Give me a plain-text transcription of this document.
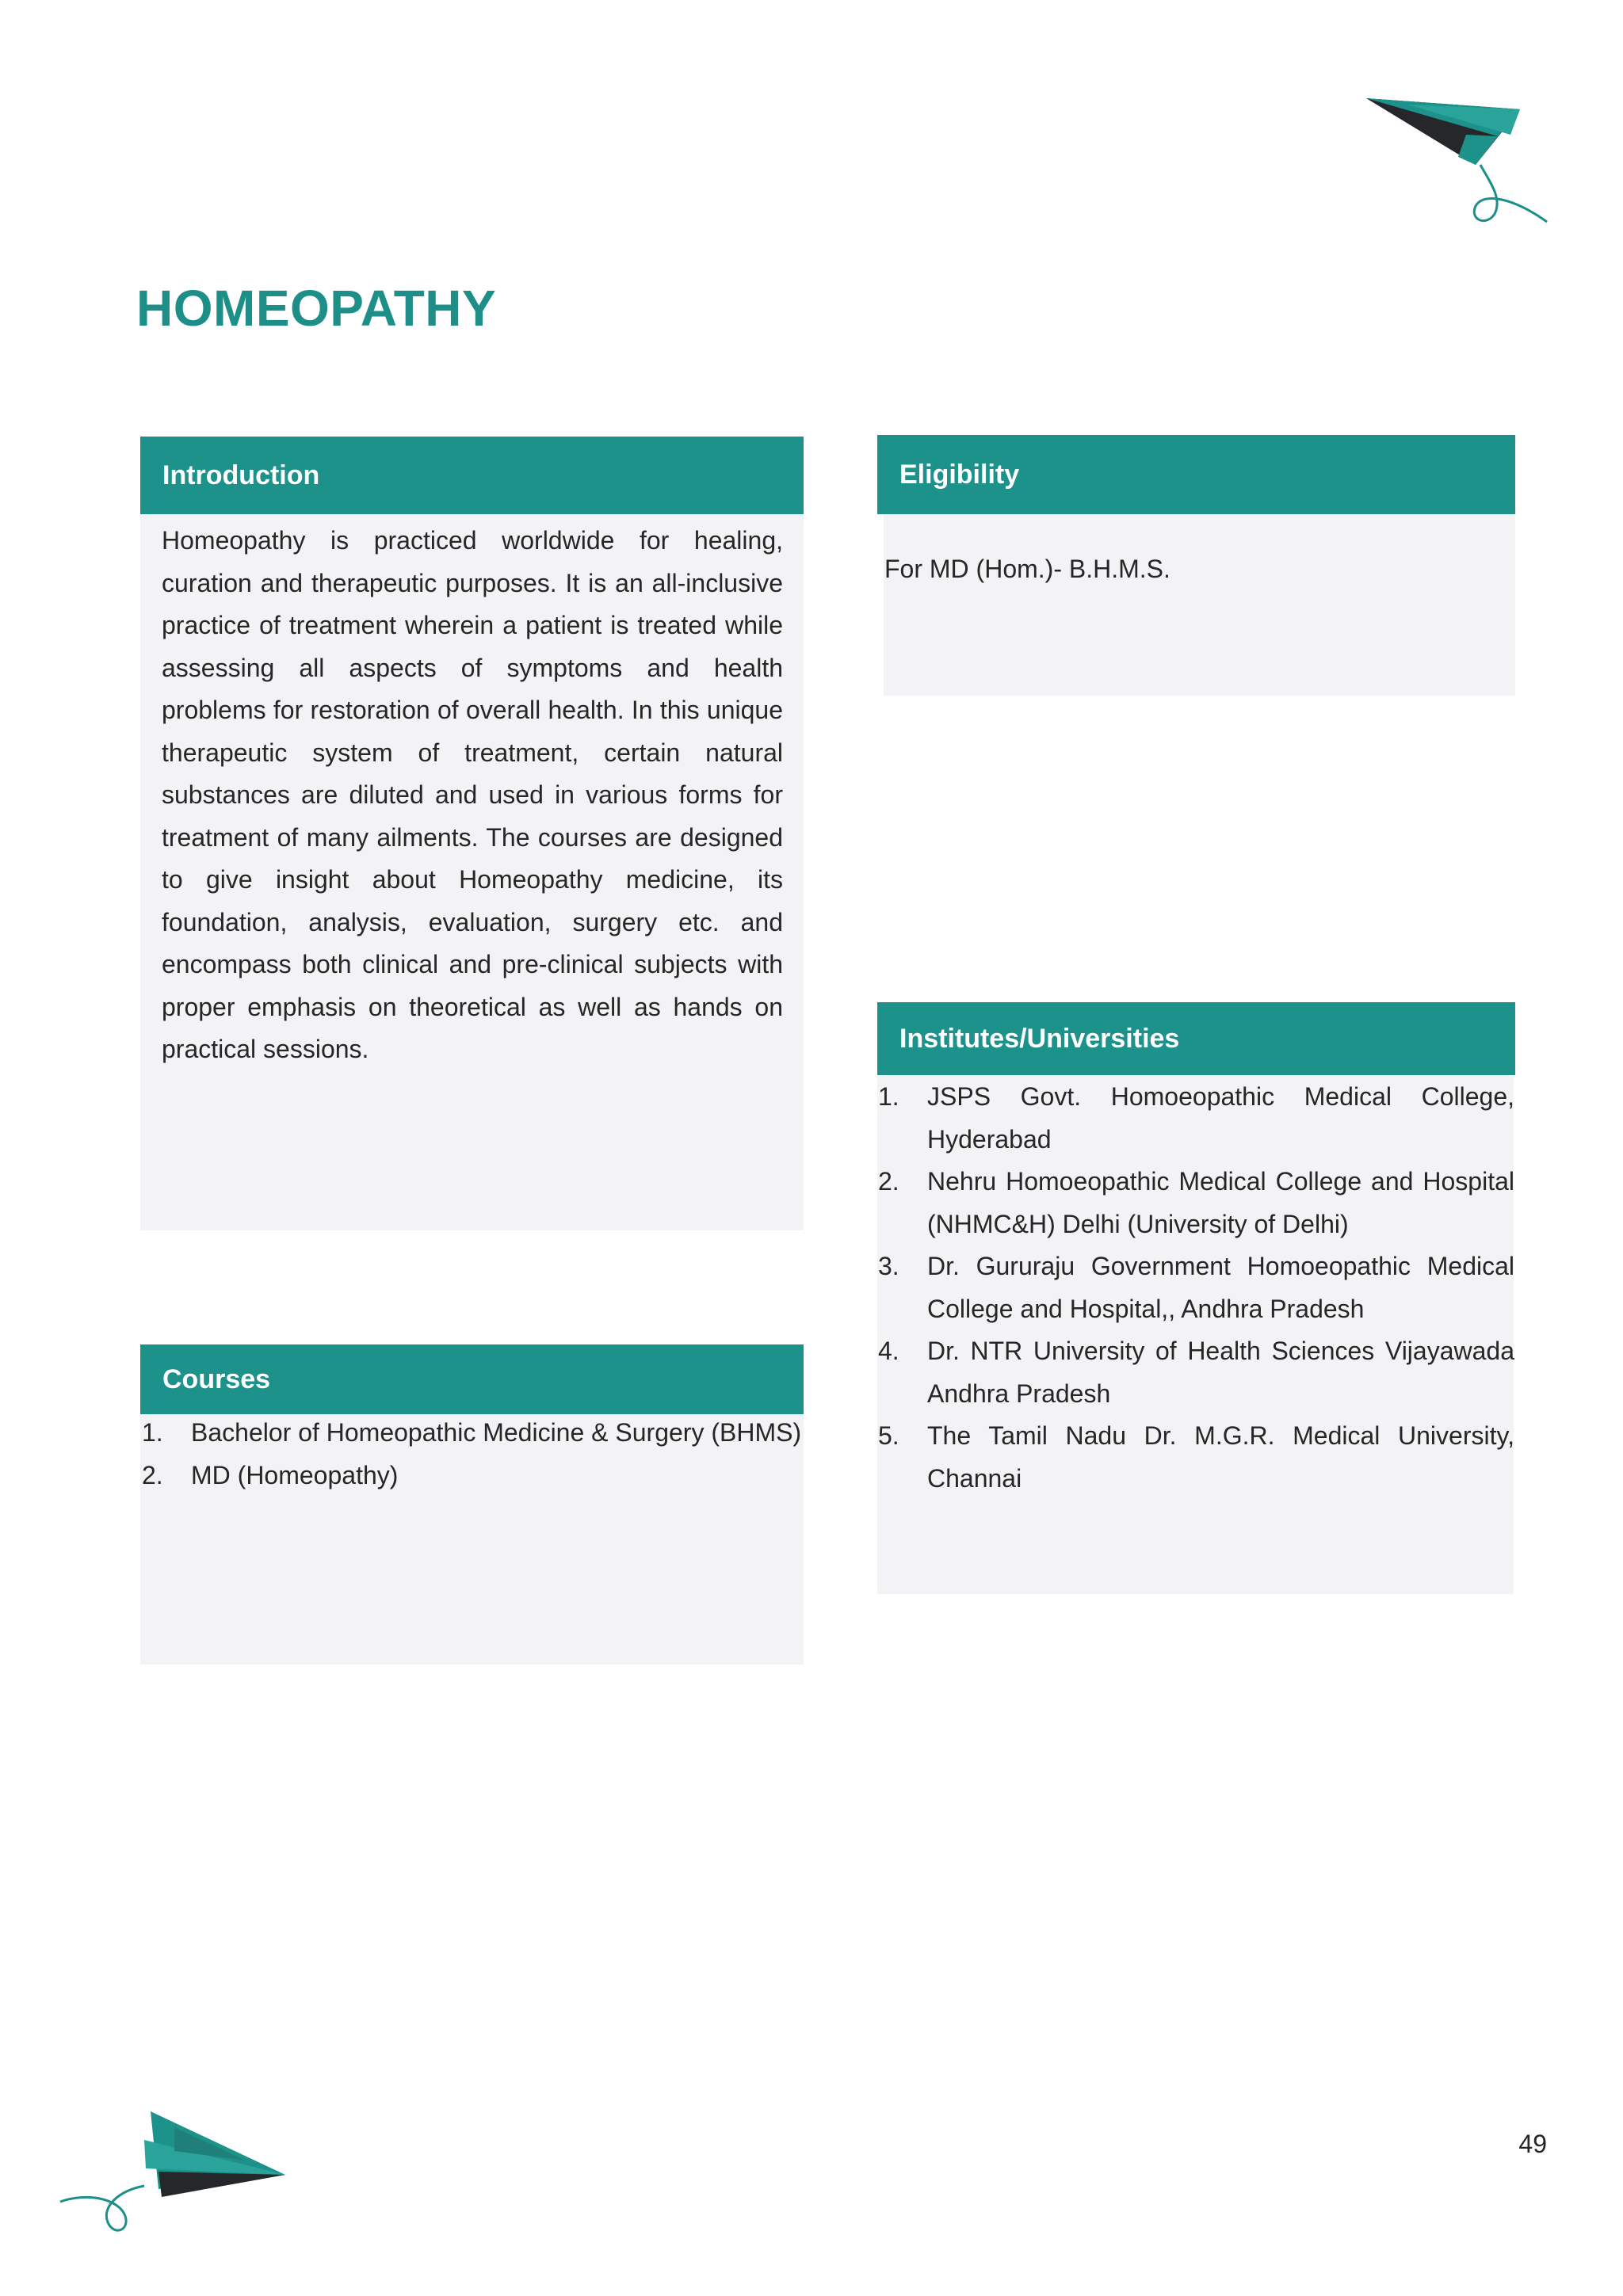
HOMEOPATHY
Introduction

Homeopathy is practiced worldwide for healing, curation and therapeutic purposes. It is an all-inclusive practice of treatment wherein a patient is treated while assessing all aspects of symptoms and health problems for restoration of overall health. In this unique therapeutic system of treatment, certain natural substances are diluted and used in various forms for treatment of many ailments. The courses are designed to give insight about Homeopathy medicine, its foundation, analysis, evaluation, surgery etc. and encompass both clinical and pre-clinical subjects with proper emphasis on theoretical as well as hands on practical sessions.

Eligibility

For MD (Hom.)- B.H.M.S.

Courses
1.	Bachelor of Homeopathic Medicine & Surgery (BHMS)
2.	MD (Homeopathy)
Institutes/Universities
1.	JSPS Govt. Homoeopathic Medical College, Hyderabad
2.	Nehru Homoeopathic Medical College and Hospital (NHMC&H) Delhi (University of Delhi)
3.	Dr. Gururaju Government Homoeopathic Medical College and Hospital,, Andhra Pradesh
4.	Dr. NTR University of Health Sciences Vijayawada Andhra Pradesh
5.	The Tamil Nadu Dr. M.G.R. Medical University, Channai

49
